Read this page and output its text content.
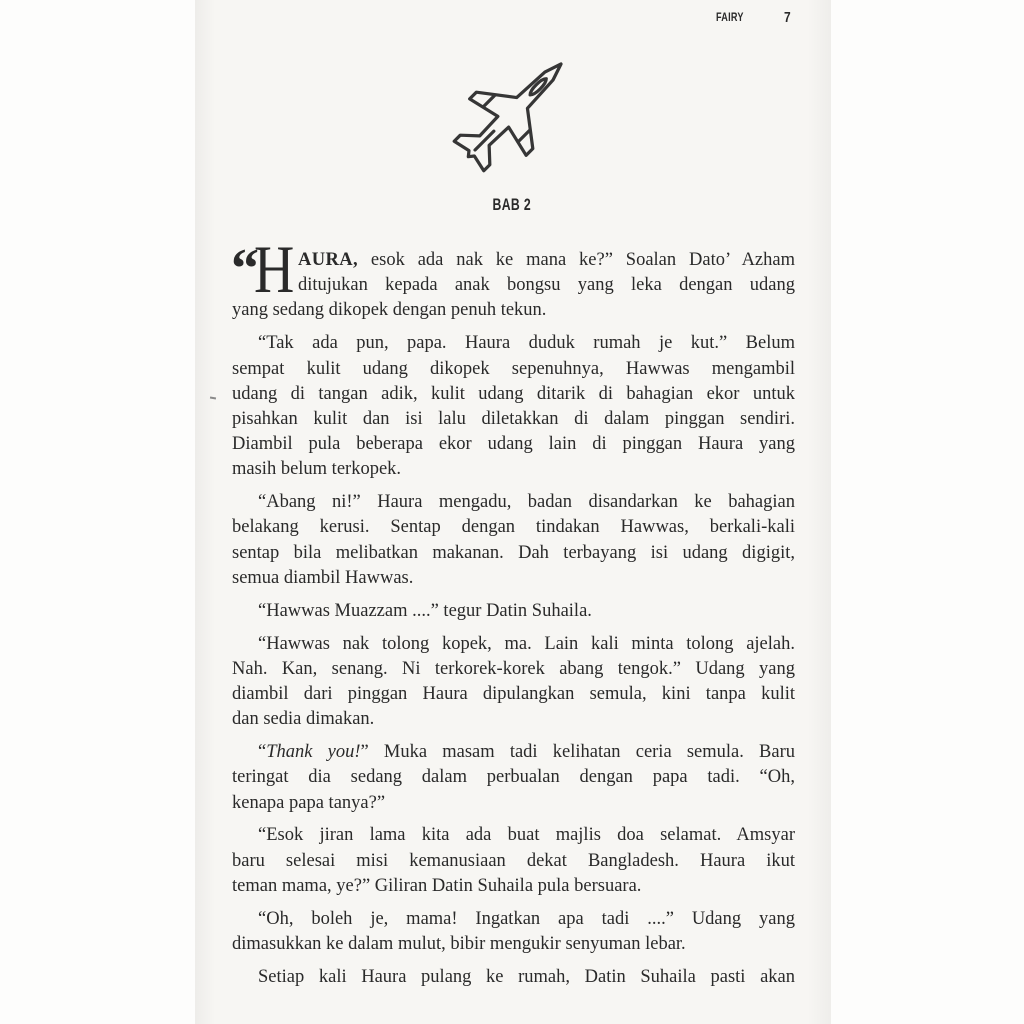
FAIRY	7
BAB 2
“
H AURA, esok ada nak ke mana ke?” Soalan Dato’ Azham
ditujukan kepada anak bongsu yang leka dengan udang
yang sedang dikopek dengan penuh tekun.
“Tak ada pun, papa. Haura duduk rumah je kut.” Belum
sempat kulit udang dikopek sepenuhnya, Hawwas mengambil
udang di tangan adik, kulit udang ditarik di bahagian ekor untuk
pisahkan kulit dan isi lalu diletakkan di dalam pinggan sendiri.
Diambil pula beberapa ekor udang lain di pinggan Haura yang
masih belum terkopek.
“Abang ni!” Haura mengadu, badan disandarkan ke bahagian
belakang kerusi. Sentap dengan tindakan Hawwas, berkali-kali
sentap bila melibatkan makanan. Dah terbayang isi udang digigit,
semua diambil Hawwas.
“Hawwas Muazzam ....” tegur Datin Suhaila.
“Hawwas nak tolong kopek, ma. Lain kali minta tolong ajelah.
Nah. Kan, senang. Ni terkorek-korek abang tengok.” Udang yang
diambil dari pinggan Haura dipulangkan semula, kini tanpa kulit
dan sedia dimakan.
“Thank you!” Muka masam tadi kelihatan ceria semula. Baru
teringat dia sedang dalam perbualan dengan papa tadi. “Oh,
kenapa papa tanya?”
“Esok jiran lama kita ada buat majlis doa selamat. Amsyar
baru selesai misi kemanusiaan dekat Bangladesh. Haura ikut
teman mama, ye?” Giliran Datin Suhaila pula bersuara.
“Oh, boleh je, mama! Ingatkan apa tadi ....” Udang yang
dimasukkan ke dalam mulut, bibir mengukir senyuman lebar.
Setiap kali Haura pulang ke rumah, Datin Suhaila pasti akan
